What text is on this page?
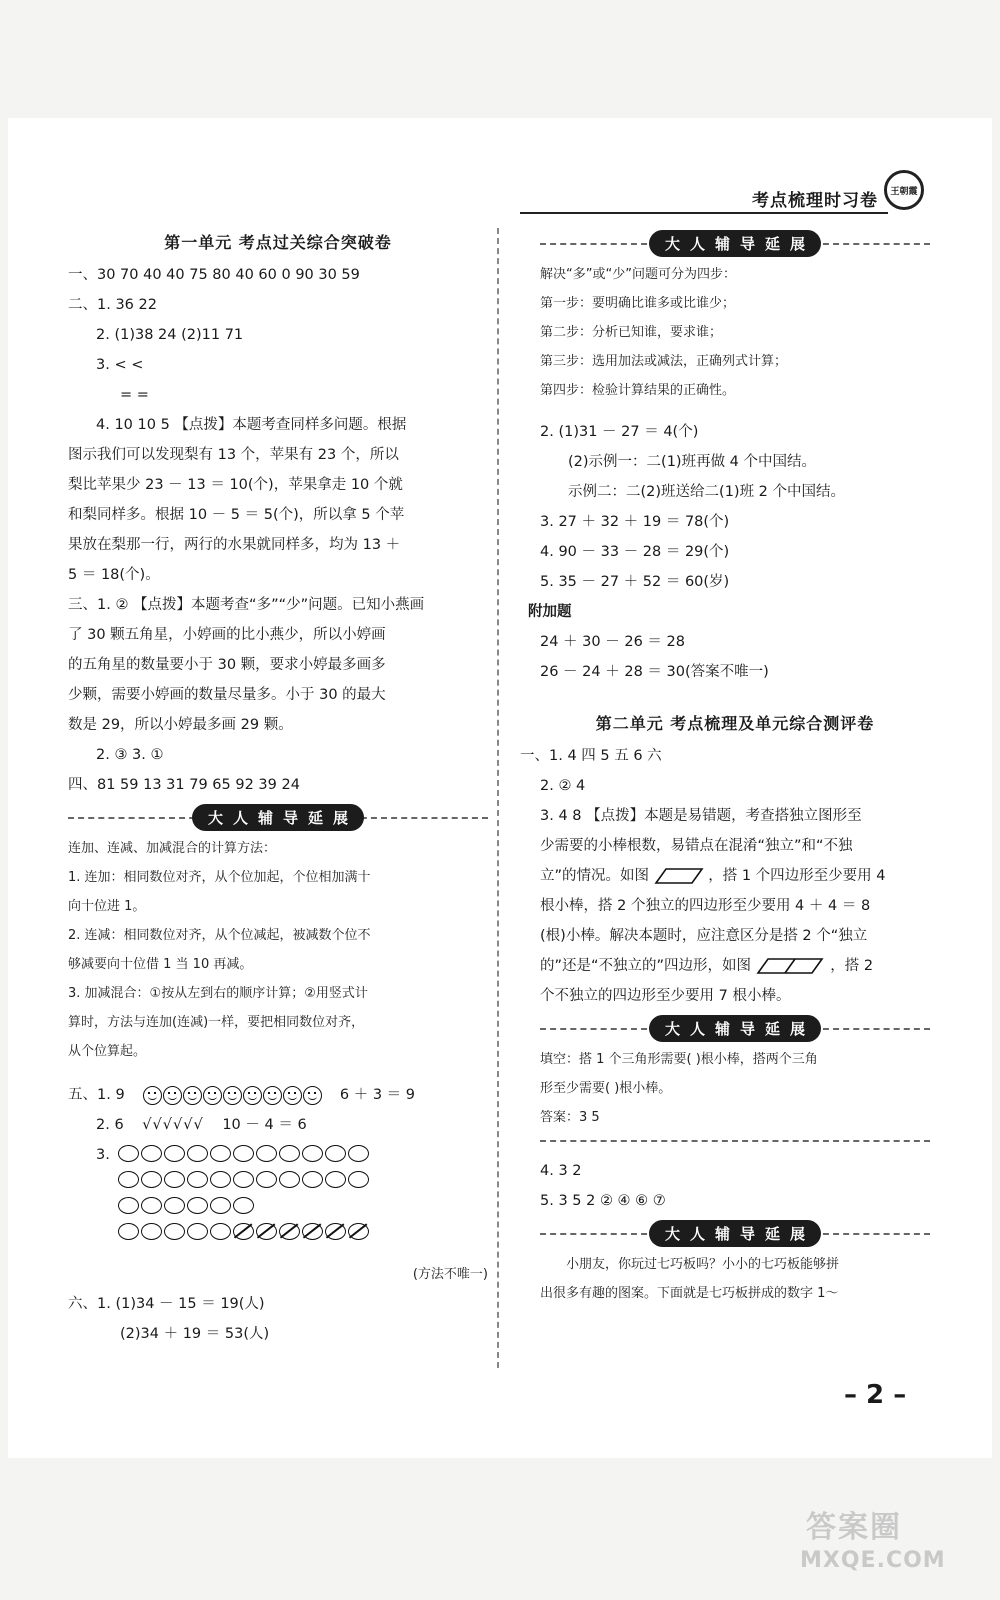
考点梳理时习卷	王朝霞
第一单元 考点过关综合突破卷
一、30 70 40 40 75 80 40 60 0 90 30 59
二、1. 36 22
2. (1)38 24 (2)11 71
3. < <
= =
4. 10 10 5 【点拨】本题考查同样多问题。根据
图示我们可以发现梨有 13 个，苹果有 23 个，所以
梨比苹果少 23 － 13 ＝ 10(个)，苹果拿走 10 个就
和梨同样多。根据 10 － 5 ＝ 5(个)，所以拿 5 个苹
果放在梨那一行，两行的水果就同样多，均为 13 ＋
5 ＝ 18(个)。
三、1. ② 【点拨】本题考查“多”“少”问题。已知小燕画
了 30 颗五角星，小婷画的比小燕少，所以小婷画
的五角星的数量要小于 30 颗，要求小婷最多画多
少颗，需要小婷画的数量尽量多。小于 30 的最大
数是 29，所以小婷最多画 29 颗。
2. ③ 3. ①
四、81 59 13 31 79 65 92 39 24
大人辅导延展
连加、连减、加减混合的计算方法：
1. 连加：相同数位对齐，从个位加起，个位相加满十
向十位进 1。
2. 连减：相同数位对齐，从个位减起，被减数个位不
够减要向十位借 1 当 10 再减。
3. 加减混合：①按从左到右的顺序计算；②用竖式计
算时，方法与连加(连减)一样，要把相同数位对齐，
从个位算起。
五、1. 9	6 ＋ 3 ＝ 9
2. 6 √√√√√√ 10 － 4 ＝ 6
3.
(方法不唯一)
六、1. (1)34 － 15 ＝ 19(人)
(2)34 ＋ 19 ＝ 53(人)
大人辅导延展
解决“多”或“少”问题可分为四步：
第一步：要明确比谁多或比谁少；
第二步：分析已知谁，要求谁；
第三步：选用加法或减法，正确列式计算；
第四步：检验计算结果的正确性。
2. (1)31 － 27 ＝ 4(个)
(2)示例一：二(1)班再做 4 个中国结。
示例二：二(2)班送给二(1)班 2 个中国结。
3. 27 ＋ 32 ＋ 19 ＝ 78(个)
4. 90 － 33 － 28 ＝ 29(个)
5. 35 － 27 ＋ 52 ＝ 60(岁)
附加题
24 ＋ 30 － 26 ＝ 28
26 － 24 ＋ 28 ＝ 30(答案不唯一)
第二单元 考点梳理及单元综合测评卷
一、1. 4 四 5 五 6 六
2. ② 4
3. 4 8 【点拨】本题是易错题，考查搭独立图形至
少需要的小棒根数，易错点在混淆“独立”和“不独
立”的情况。如图	，搭 1 个四边形至少要用 4
根小棒，搭 2 个独立的四边形至少要用 4 ＋ 4 ＝ 8
(根)小棒。解决本题时，应注意区分是搭 2 个“独立
的”还是“不独立的”四边形，如图	，搭 2
个不独立的四边形至少要用 7 根小棒。
大人辅导延展
填空：搭 1 个三角形需要( )根小棒，搭两个三角
形至少需要( )根小棒。
答案：3 5
4. 3 2
5. 3 5 2 ② ④ ⑥ ⑦
大人辅导延展
小朋友，你玩过七巧板吗？小小的七巧板能够拼
出很多有趣的图案。下面就是七巧板拼成的数字 1～
– 2 –
答案圈
MXQE.COM
